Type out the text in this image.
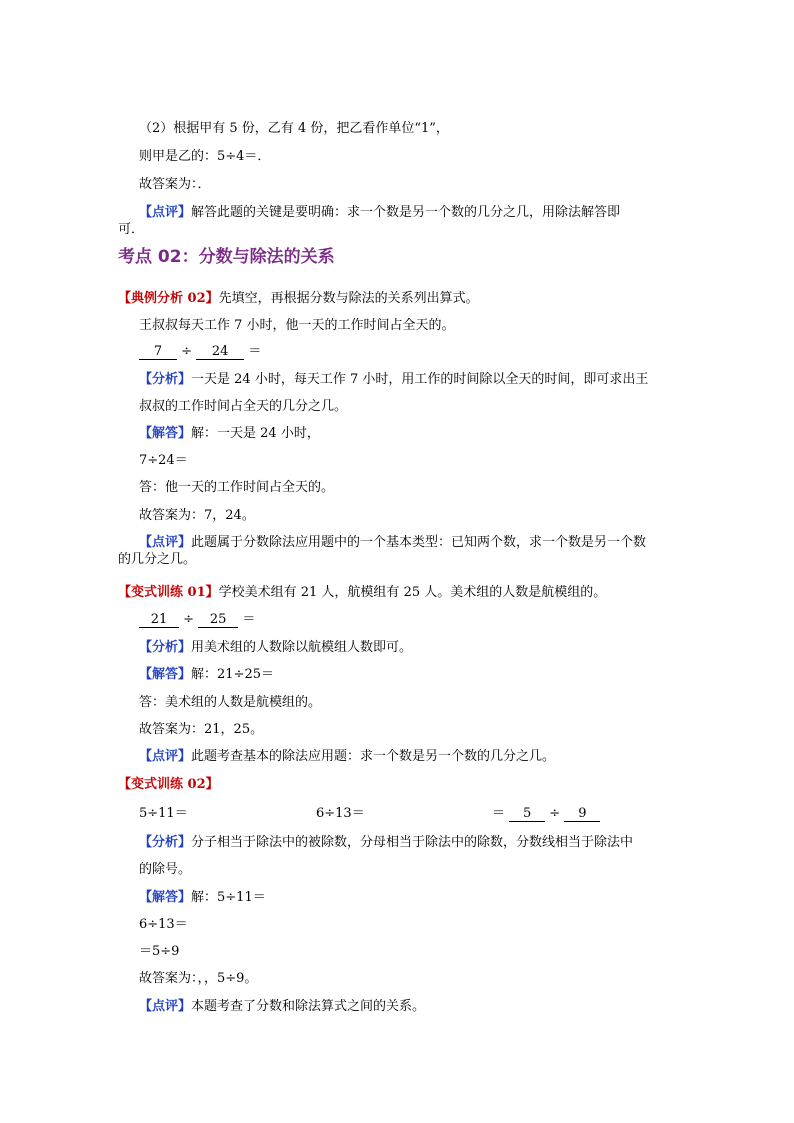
（2）根据甲有 5 份，乙有 4 份，把乙看作单位“1”，
则甲是乙的：5÷4＝．
故答案为：．
【点评】解答此题的关键是要明确：求一个数是另一个数的几分之几，用除法解答即
可．
考点 02：分数与除法的关系
【典例分析 02】先填空，再根据分数与除法的关系列出算式。
王叔叔每天工作 7 小时，他一天的工作时间占全天的。
7 ÷ 24 ＝
【分析】一天是 24 小时，每天工作 7 小时，用工作的时间除以全天的时间，即可求出王
叔叔的工作时间占全天的几分之几。
【解答】解：一天是 24 小时，
7÷24＝
答：他一天的工作时间占全天的。
故答案为：7，24。
【点评】此题属于分数除法应用题中的一个基本类型：已知两个数，求一个数是另一个数
的几分之几。
【变式训练 01】学校美术组有 21 人，航模组有 25 人。美术组的人数是航模组的。
21 ÷ 25 ＝
【分析】用美术组的人数除以航模组人数即可。
【解答】解：21÷25＝
答：美术组的人数是航模组的。
故答案为：21，25。
【点评】此题考查基本的除法应用题：求一个数是另一个数的几分之几。
【变式训练 02】
5÷11＝	6÷13＝	＝ 5 ÷ 9
【分析】分子相当于除法中的被除数，分母相当于除法中的除数，分数线相当于除法中
的除号。
【解答】解：5÷11＝
6÷13＝
＝5÷9
故答案为：，，5÷9。
【点评】本题考查了分数和除法算式之间的关系。
